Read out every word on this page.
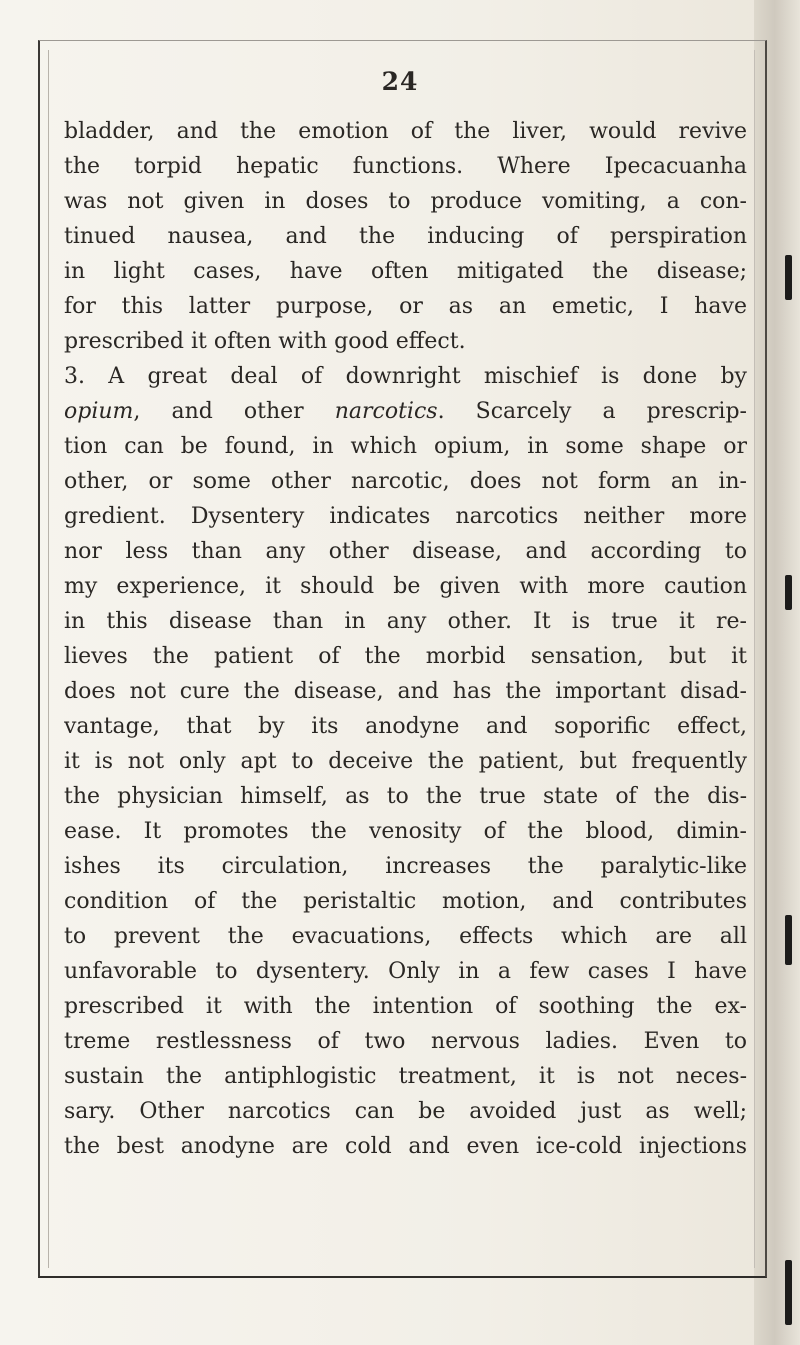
24
bladder, and the emotion of the liver, would revive
the torpid hepatic functions. Where Ipecacuanha
was not given in doses to produce vomiting, a con-
tinued nausea, and the inducing of perspiration
in light cases, have often mitigated the disease;
for this latter purpose, or as an emetic, I have
prescribed it often with good effect.
3. A great deal of downright mischief is done by
opium, and other narcotics. Scarcely a prescrip-
tion can be found, in which opium, in some shape or
other, or some other narcotic, does not form an in-
gredient. Dysentery indicates narcotics neither more
nor less than any other disease, and according to
my experience, it should be given with more caution
in this disease than in any other. It is true it re-
lieves the patient of the morbid sensation, but it
does not cure the disease, and has the important disad-
vantage, that by its anodyne and soporific effect,
it is not only apt to deceive the patient, but frequently
the physician himself, as to the true state of the dis-
ease. It promotes the venosity of the blood, dimin-
ishes its circulation, increases the paralytic-like
condition of the peristaltic motion, and contributes
to prevent the evacuations, effects which are all
unfavorable to dysentery. Only in a few cases I have
prescribed it with the intention of soothing the ex-
treme restlessness of two nervous ladies. Even to
sustain the antiphlogistic treatment, it is not neces-
sary. Other narcotics can be avoided just as well;
the best anodyne are cold and even ice-cold injections
